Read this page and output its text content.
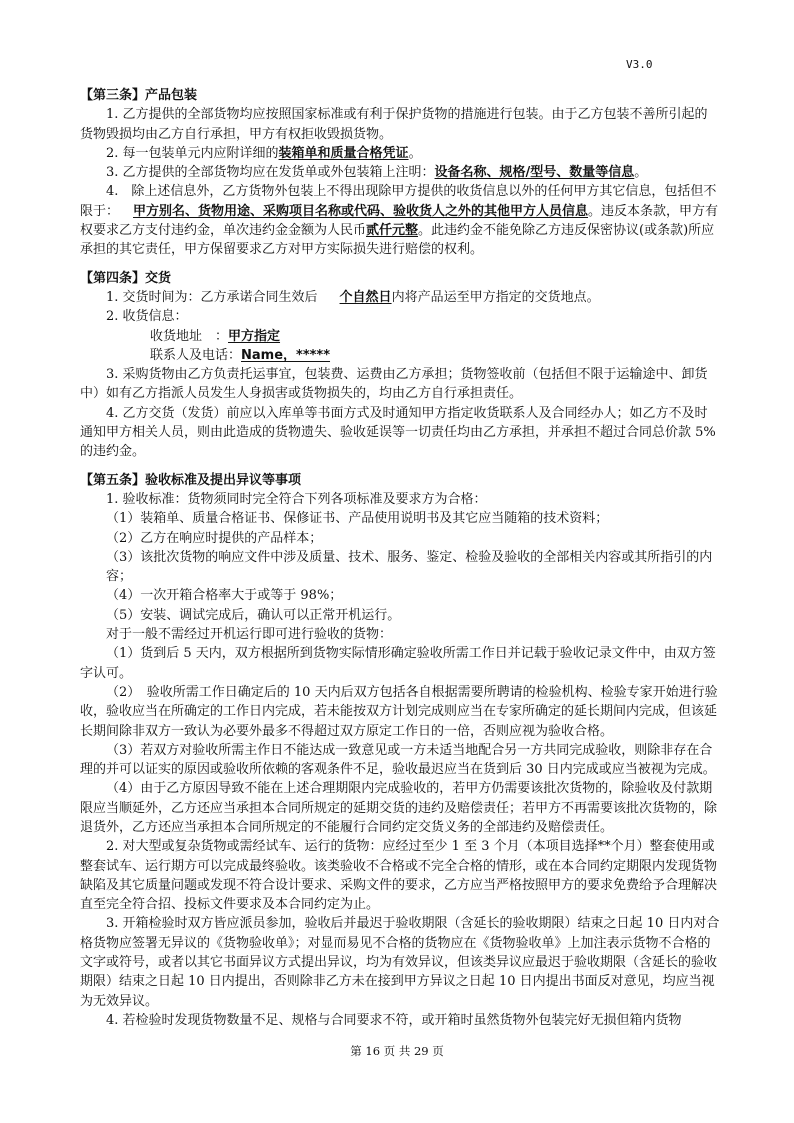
V3.0

【第三条】产品包装

1. 乙方提供的全部货物均应按照国家标准或有利于保护货物的措施进行包装。由于乙方包装不善所引起的货物毁损均由乙方自行承担，甲方有权拒收毁损货物。

2. 每一包装单元内应附详细的装箱单和质量合格凭证。

3. 乙方提供的全部货物均应在发货单或外包装箱上注明：设备名称、规格/型号、数量等信息。

4.　除上述信息外，乙方货物外包装上不得出现除甲方提供的收货信息以外的任何甲方其它信息，包括但不限于： 甲方别名、货物用途、采购项目名称或代码、验收货人之外的其他甲方人员信息。违反本条款，甲方有权要求乙方支付违约金，单次违约金金额为人民币贰仟元整。此违约金不能免除乙方违反保密协议(或条款)所应承担的其它责任，甲方保留要求乙方对甲方实际损失进行赔偿的权利。

【第四条】交货

1. 交货时间为：乙方承诺合同生效后 个自然日内将产品运至甲方指定的交货地点。

2. 收货信息：

收货地址　：甲方指定

联系人及电话：Name，*****

3. 采购货物由乙方负责托运事宜，包装费、运费由乙方承担；货物签收前（包括但不限于运输途中、卸货中）如有乙方指派人员发生人身损害或货物损失的，均由乙方自行承担责任。

4. 乙方交货（发货）前应以入库单等书面方式及时通知甲方指定收货联系人及合同经办人；如乙方不及时通知甲方相关人员，则由此造成的货物遗失、验收延误等一切责任均由乙方承担，并承担不超过合同总价款 5%的违约金。

【第五条】验收标准及提出异议等事项

1. 验收标准：货物须同时完全符合下列各项标准及要求方为合格：

（1）装箱单、质量合格证书、保修证书、产品使用说明书及其它应当随箱的技术资料；

（2）乙方在响应时提供的产品样本；

（3）该批次货物的响应文件中涉及质量、技术、服务、鉴定、检验及验收的全部相关内容或其所指引的内容；

（4）一次开箱合格率大于或等于 98%；

（5）安装、调试完成后，确认可以正常开机运行。

对于一般不需经过开机运行即可进行验收的货物：

（1）货到后 5 天内，双方根据所到货物实际情形确定验收所需工作日并记载于验收记录文件中，由双方签字认可。

（2）　验收所需工作日确定后的 10 天内后双方包括各自根据需要所聘请的检验机构、检验专家开始进行验收，验收应当在所确定的工作日内完成，若未能按双方计划完成则应当在专家所确定的延长期间内完成，但该延长期间除非双方一致认为必要外最多不得超过双方原定工作日的一倍，否则应视为验收合格。

（3）若双方对验收所需主作日不能达成一致意见或一方未适当地配合另一方共同完成验收，则除非存在合理的并可以证实的原因或验收所依赖的客观条件不足，验收最迟应当在货到后 30 日内完成或应当被视为完成。

（4）由于乙方原因导致不能在上述合理期限内完成验收的，若甲方仍需要该批次货物的，除验收及付款期限应当顺延外，乙方还应当承担本合同所规定的延期交货的违约及赔偿责任；若甲方不再需要该批次货物的，除退货外，乙方还应当承担本合同所规定的不能履行合同约定交货义务的全部违约及赔偿责任。

2. 对大型或复杂货物或需经试车、运行的货物：应经过至少 1 至 3 个月（本项目选择**个月）整套使用或整套试车、运行期方可以完成最终验收。该类验收不合格或不完全合格的情形，或在本合同约定期限内发现货物缺陷及其它质量问题或发现不符合设计要求、采购文件的要求，乙方应当严格按照甲方的要求免费给予合理解决直至完全符合招、投标文件要求及本合同约定为止。

3. 开箱检验时双方皆应派员参加，验收后并最迟于验收期限（含延长的验收期限）结束之日起 10 日内对合格货物应签署无异议的《货物验收单》；对显而易见不合格的货物应在《货物验收单》上加注表示货物不合格的文字或符号，或者以其它书面异议方式提出异议，均为有效异议，但该类异议应最迟于验收期限（含延长的验收期限）结束之日起 10 日内提出，否则除非乙方未在接到甲方异议之日起 10 日内提出书面反对意见，均应当视为无效异议。

4. 若检验时发现货物数量不足、规格与合同要求不符，或开箱时虽然货物外包装完好无损但箱内货物

第 16 页 共 29 页
